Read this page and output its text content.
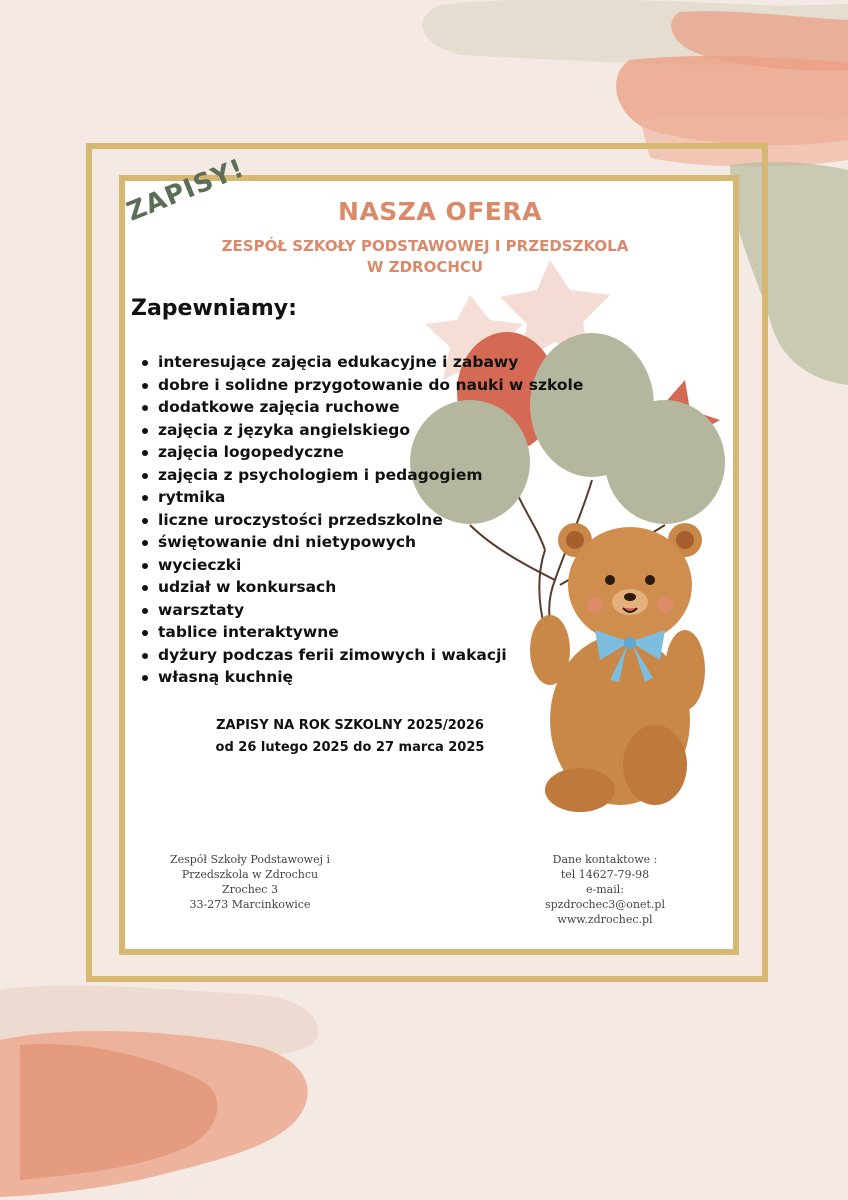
ZAPISY!	NASZA OFERA
ZESPÓŁ SZKOŁY PODSTAWOWEJ I PRZEDSZKOLA
W ZDROCHCU
Zapewniamy:
interesujące zajęcia edukacyjne i zabawy
dobre i solidne przygotowanie do nauki w szkole
dodatkowe zajęcia ruchowe
zajęcia z języka angielskiego
zajęcia logopedyczne
zajęcia z psychologiem i pedagogiem
rytmika
liczne uroczystości przedszkolne
świętowanie dni nietypowych
wycieczki
udział w konkursach
warsztaty
tablice interaktywne
dyżury podczas ferii zimowych i wakacji
własną kuchnię
ZAPISY NA ROK SZKOLNY 2025/2026
od 26 lutego 2025 do 27 marca 2025
Zespół Szkoły Podstawowej i
Przedszkola w Zdrochcu
Zrochec 3
33-273 Marcinkowice
Dane kontaktowe :
tel 14627-79-98
e-mail:
spzdrochec3@onet.pl
www.zdrochec.pl
